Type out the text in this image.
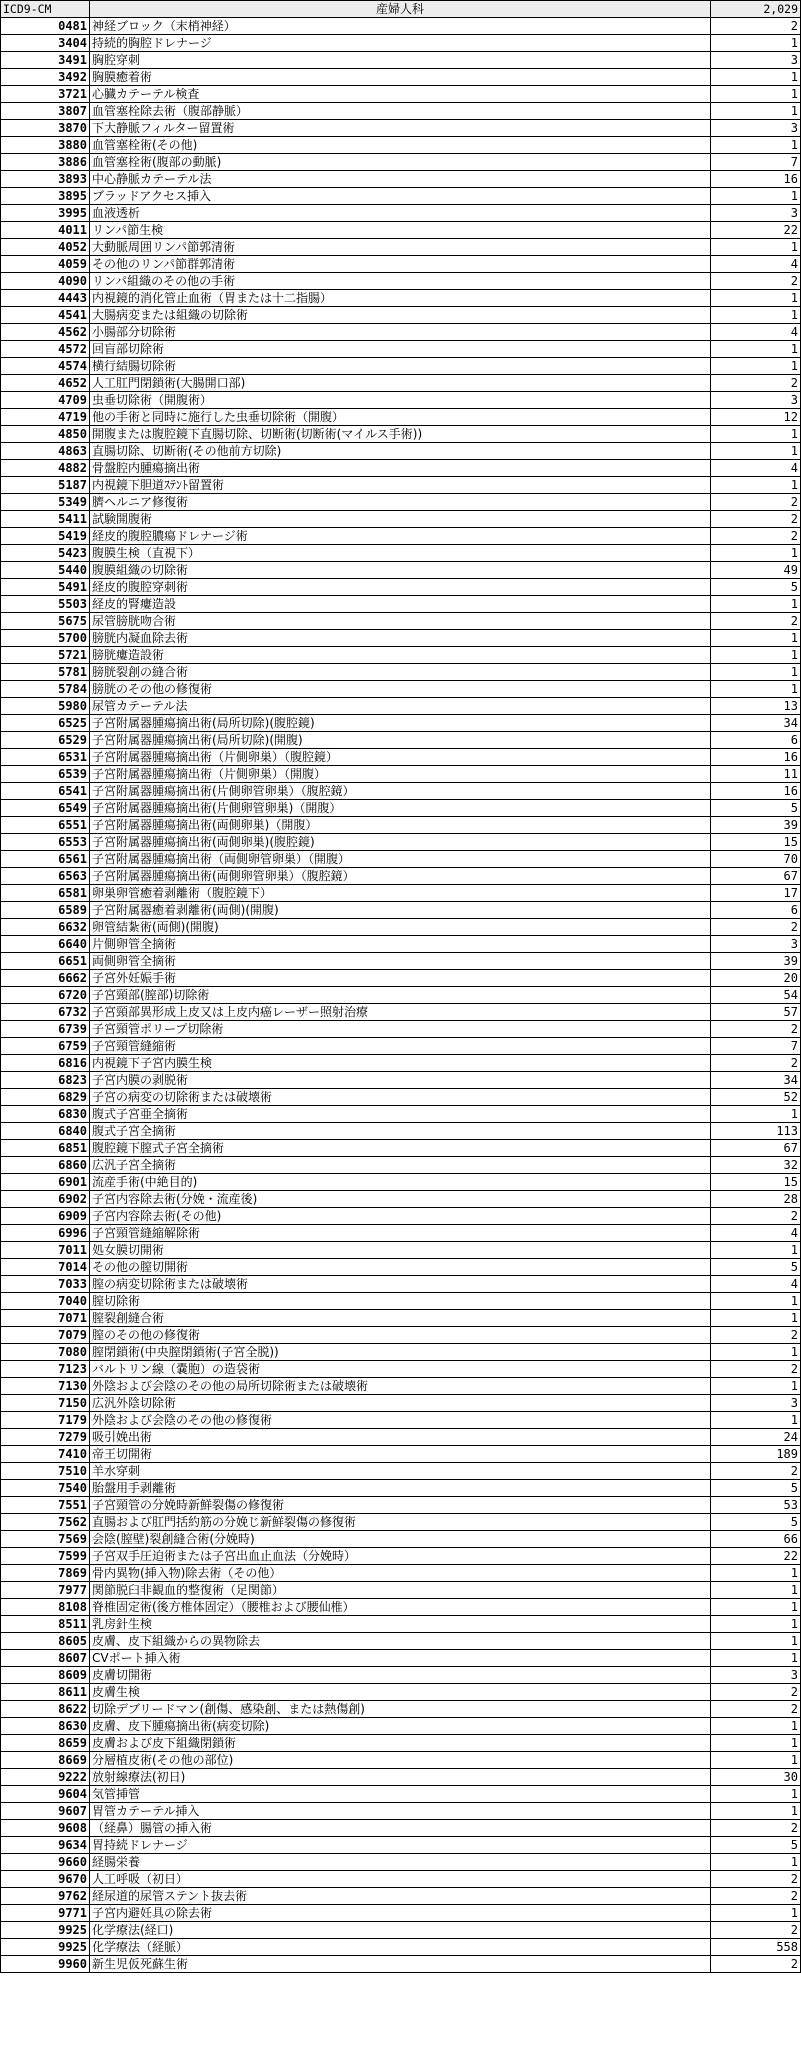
ICD9-CM	産婦人科	2,029
0481	神経ブロック（末梢神経）	2
3404	持続的胸腔ドレナージ	1
3491	胸腔穿刺	3
3492	胸膜癒着術	1
3721	心臓カテーテル検査	1
3807	血管塞栓除去術（腹部静脈）	1
3870	下大静脈フィルター留置術	3
3880	血管塞栓術(その他)	1
3886	血管塞栓術(腹部の動脈)	7
3893	中心静脈カテーテル法	16
3895	ブラッドアクセス挿入	1
3995	血液透析	3
4011	リンパ節生検	22
4052	大動脈周囲リンパ節郭清術	1
4059	その他のリンパ節群郭清術	4
4090	リンパ組織のその他の手術	2
4443	内視鏡的消化管止血術（胃または十二指腸）	1
4541	大腸病変または組織の切除術	1
4562	小腸部分切除術	4
4572	回盲部切除術	1
4574	横行結腸切除術	1
4652	人工肛門閉鎖術(大腸開口部)	2
4709	虫垂切除術（開腹術）	3
4719	他の手術と同時に施行した虫垂切除術（開腹）	12
4850	開腹または腹腔鏡下直腸切除、切断術(切断術(マイルス手術))	1
4863	直腸切除、切断術(その他前方切除)	1
4882	骨盤腔内腫瘍摘出術	4
5187	内視鏡下胆道ｽﾃﾝﾄ留置術	1
5349	臍ヘルニア修復術	2
5411	試験開腹術	2
5419	経皮的腹腔膿瘍ドレナージ術	2
5423	腹膜生検（直視下）	1
5440	腹膜組織の切除術	49
5491	経皮的腹腔穿刺術	5
5503	経皮的腎瘻造設	1
5675	尿管膀胱吻合術	2
5700	膀胱内凝血除去術	1
5721	膀胱瘻造設術	1
5781	膀胱裂創の縫合術	1
5784	膀胱のその他の修復術	1
5980	尿管カテーテル法	13
6525	子宮附属器腫瘍摘出術(局所切除)(腹腔鏡)	34
6529	子宮附属器腫瘍摘出術(局所切除)(開腹)	6
6531	子宮附属器腫瘍摘出術（片側卵巣）（腹腔鏡）	16
6539	子宮附属器腫瘍摘出術（片側卵巣）（開腹）	11
6541	子宮附属器腫瘍摘出術(片側卵管卵巣）（腹腔鏡）	16
6549	子宮附属器腫瘍摘出術(片側卵管卵巣)（開腹）	5
6551	子宮附属器腫瘍摘出術(両側卵巣)（開腹）	39
6553	子宮附属器腫瘍摘出術(両側卵巣)(腹腔鏡)	15
6561	子宮附属器腫瘍摘出術（両側卵管卵巣）（開腹）	70
6563	子宮附属器腫瘍摘出術(両側卵管卵巣）（腹腔鏡）	67
6581	卵巣卵管癒着剥離術（腹腔鏡下）	17
6589	子宮附属器癒着剥離術(両側)(開腹)	6
6632	卵管結紮術(両側)(開腹)	2
6640	片側卵管全摘術	3
6651	両側卵管全摘術	39
6662	子宮外妊娠手術	20
6720	子宮頸部(膣部)切除術	54
6732	子宮頸部異形成上皮又は上皮内癌レーザー照射治療	57
6739	子宮頸管ポリープ切除術	2
6759	子宮頸管縫縮術	7
6816	内視鏡下子宮内膜生検	2
6823	子宮内膜の剥脱術	34
6829	子宮の病変の切除術または破壊術	52
6830	腹式子宮亜全摘術	1
6840	腹式子宮全摘術	113
6851	腹腔鏡下膣式子宮全摘術	67
6860	広汎子宮全摘術	32
6901	流産手術(中絶目的)	15
6902	子宮内容除去術(分娩・流産後)	28
6909	子宮内容除去術(その他)	2
6996	子宮頸管縫縮解除術	4
7011	処女膜切開術	1
7014	その他の膣切開術	5
7033	膣の病変切除術または破壊術	4
7040	膣切除術	1
7071	膣裂創縫合術	1
7079	膣のその他の修復術	2
7080	膣閉鎖術(中央膣閉鎖術(子宮全脱))	1
7123	バルトリン線（嚢胞）の造袋術	2
7130	外陰および会陰のその他の局所切除術または破壊術	1
7150	広汎外陰切除術	3
7179	外陰および会陰のその他の修復術	1
7279	吸引娩出術	24
7410	帝王切開術	189
7510	羊水穿刺	2
7540	胎盤用手剥離術	5
7551	子宮頸管の分娩時新鮮裂傷の修復術	53
7562	直腸および肛門括約筋の分娩じ新鮮裂傷の修復術	5
7569	会陰(膣壁)裂創縫合術(分娩時)	66
7599	子宮双手圧迫術または子宮出血止血法（分娩時）	22
7869	骨内異物(挿入物)除去術（その他）	1
7977	関節脱臼非観血的整復術（足関節）	1
8108	脊椎固定術(後方椎体固定）（腰椎および腰仙椎）	1
8511	乳房針生検	1
8605	皮膚、皮下組織からの異物除去	1
8607	CVポート挿入術	1
8609	皮膚切開術	3
8611	皮膚生検	2
8622	切除デブリードマン(創傷、感染創、または熱傷創)	2
8630	皮膚、皮下腫瘍摘出術(病変切除)	1
8659	皮膚および皮下組織閉鎖術	1
8669	分層植皮術(その他の部位)	1
9222	放射線療法(初日)	30
9604	気管挿管	1
9607	胃管カテーテル挿入	1
9608	（経鼻）腸管の挿入術	2
9634	胃持続ドレナージ	5
9660	経腸栄養	1
9670	人工呼吸（初日）	2
9762	経尿道的尿管ステント抜去術	2
9771	子宮内避妊具の除去術	1
9925	化学療法(経口)	2
9925	化学療法（経脈）	558
9960	新生児仮死蘇生術	2
